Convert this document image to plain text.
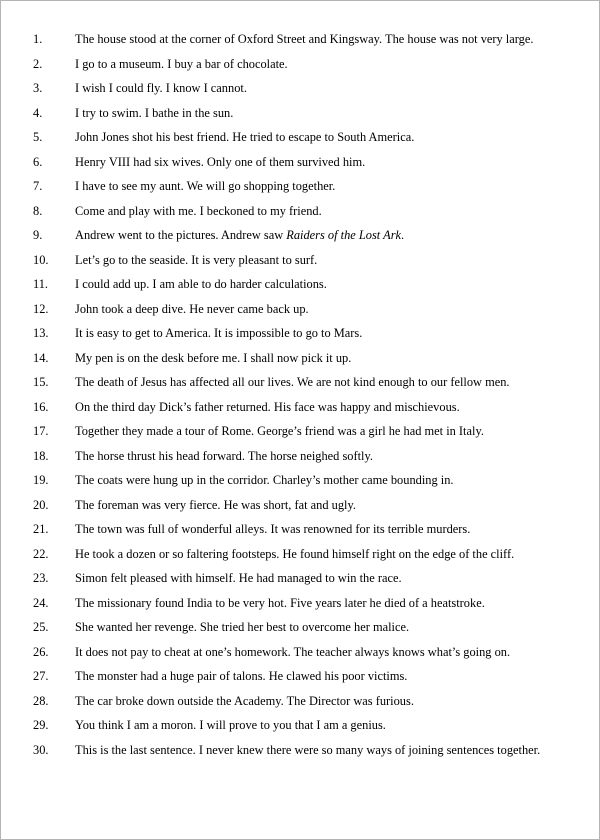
1.	The house stood at the corner of Oxford Street and Kingsway. The house was not very large.
2.	I go to a museum. I buy a bar of chocolate.
3.	I wish I could fly. I know I cannot.
4.	I try to swim. I bathe in the sun.
5.	John Jones shot his best friend. He tried to escape to South America.
6.	Henry VIII had six wives. Only one of them survived him.
7.	I have to see my aunt. We will go shopping together.
8.	Come and play with me. I beckoned to my friend.
9.	Andrew went to the pictures. Andrew saw Raiders of the Lost Ark.
10.	Let’s go to the seaside. It is very pleasant to surf.
11.	I could add up. I am able to do harder calculations.
12.	John took a deep dive. He never came back up.
13.	It is easy to get to America. It is impossible to go to Mars.
14.	My pen is on the desk before me. I shall now pick it up.
15.	The death of Jesus has affected all our lives. We are not kind enough to our fellow men.
16.	On the third day Dick’s father returned. His face was happy and mischievous.
17.	Together they made a tour of Rome. George’s friend was a girl he had met in Italy.
18.	The horse thrust his head forward. The horse neighed softly.
19.	The coats were hung up in the corridor. Charley’s mother came bounding in.
20.	The foreman was very fierce. He was short, fat and ugly.
21.	The town was full of wonderful alleys. It was renowned for its terrible murders.
22.	He took a dozen or so faltering footsteps. He found himself right on the edge of the cliff.
23.	Simon felt pleased with himself. He had managed to win the race.
24.	The missionary found India to be very hot. Five years later he died of a heatstroke.
25.	She wanted her revenge. She tried her best to overcome her malice.
26.	It does not pay to cheat at one’s homework. The teacher always knows what’s going on.
27.	The monster had a huge pair of talons. He clawed his poor victims.
28.	The car broke down outside the Academy. The Director was furious.
29.	You think I am a moron. I will prove to you that I am a genius.
30.	This is the last sentence. I never knew there were so many ways of joining sentences together.
